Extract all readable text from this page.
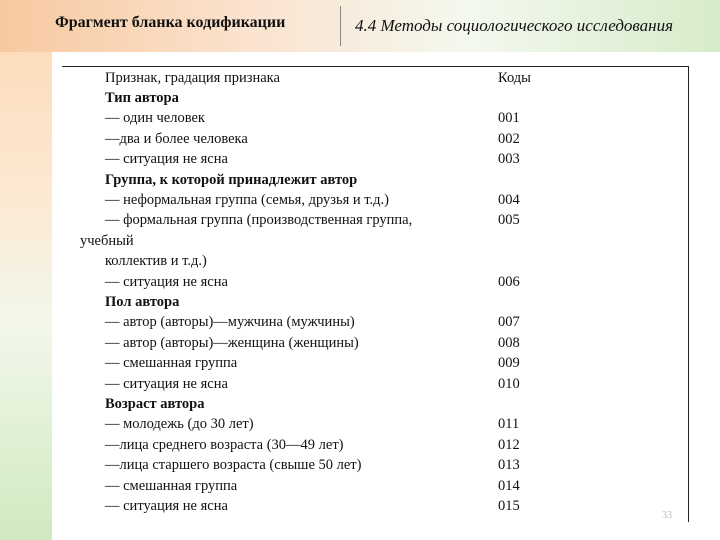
Фрагмент бланка кодификации	4.4 Методы социологического исследования
Признак, градация признака	Коды
Тип автора
— один человек	001
—два и более человека	002
— ситуация не ясна	003
Группа, к которой принадлежит автор
— неформальная группа (семья, друзья и т.д.)	004
— формальная группа (производственная группа,	005
учебный
коллектив и т.д.)
— ситуация не ясна	006
Пол автора
— автор (авторы)—мужчина (мужчины)	007
— автор (авторы)—женщина (женщины)	008
— смешанная группа	009
— ситуация не ясна	010
Возраст автора
— молодежь (до 30 лет)	011
—лица среднего возраста (30—49 лет)	012
—лица старшего возраста (свыше 50 лет)	013
— смешанная группа	014
— ситуация не ясна	015
33
